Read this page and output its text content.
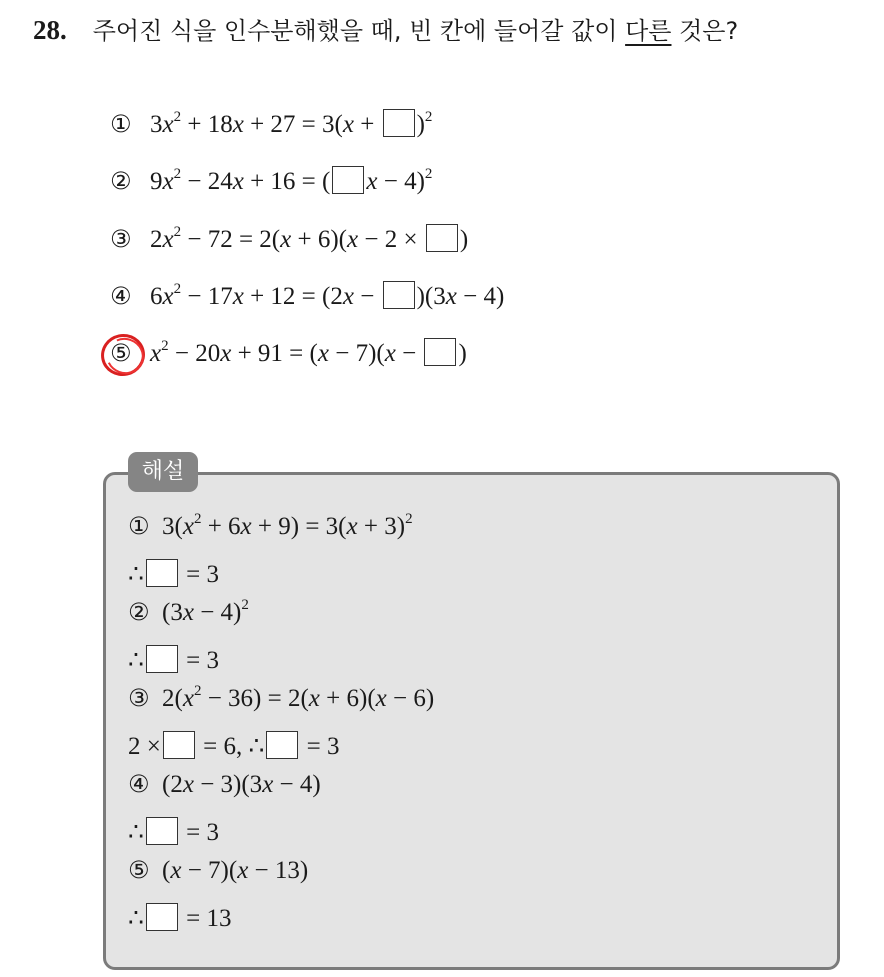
28. 주어진 식을 인수분해했을 때, 빈 칸에 들어갈 값이 다른 것은?
① $3x^2 + 18x + 27 = 3(x + )^2$
② $9x^2 - 24x + 16$ = ( x − 4)$^2$
③ $2x^2 - 72 = 2(x + 6)(x - 2$ × )
④ $6x^2 - 17x + 12 = (2x - )(3x - 4)$
⑤ $x^2 - 20x + 91 = (x - 7)(x$ − )
해설
① $3(x^2 + 6x + 9) = 3(x + 3)^2$
∴ = 3
② $(3x - 4)^2$
∴ = 3
③ $2(x^2 - 36) = 2(x + 6)(x - 6)$
2 × = 6, ∴ = 3
④ (2x − 3)(3x − 4)
∴ = 3
⑤ (x − 7)(x − 13)
∴ = 13
